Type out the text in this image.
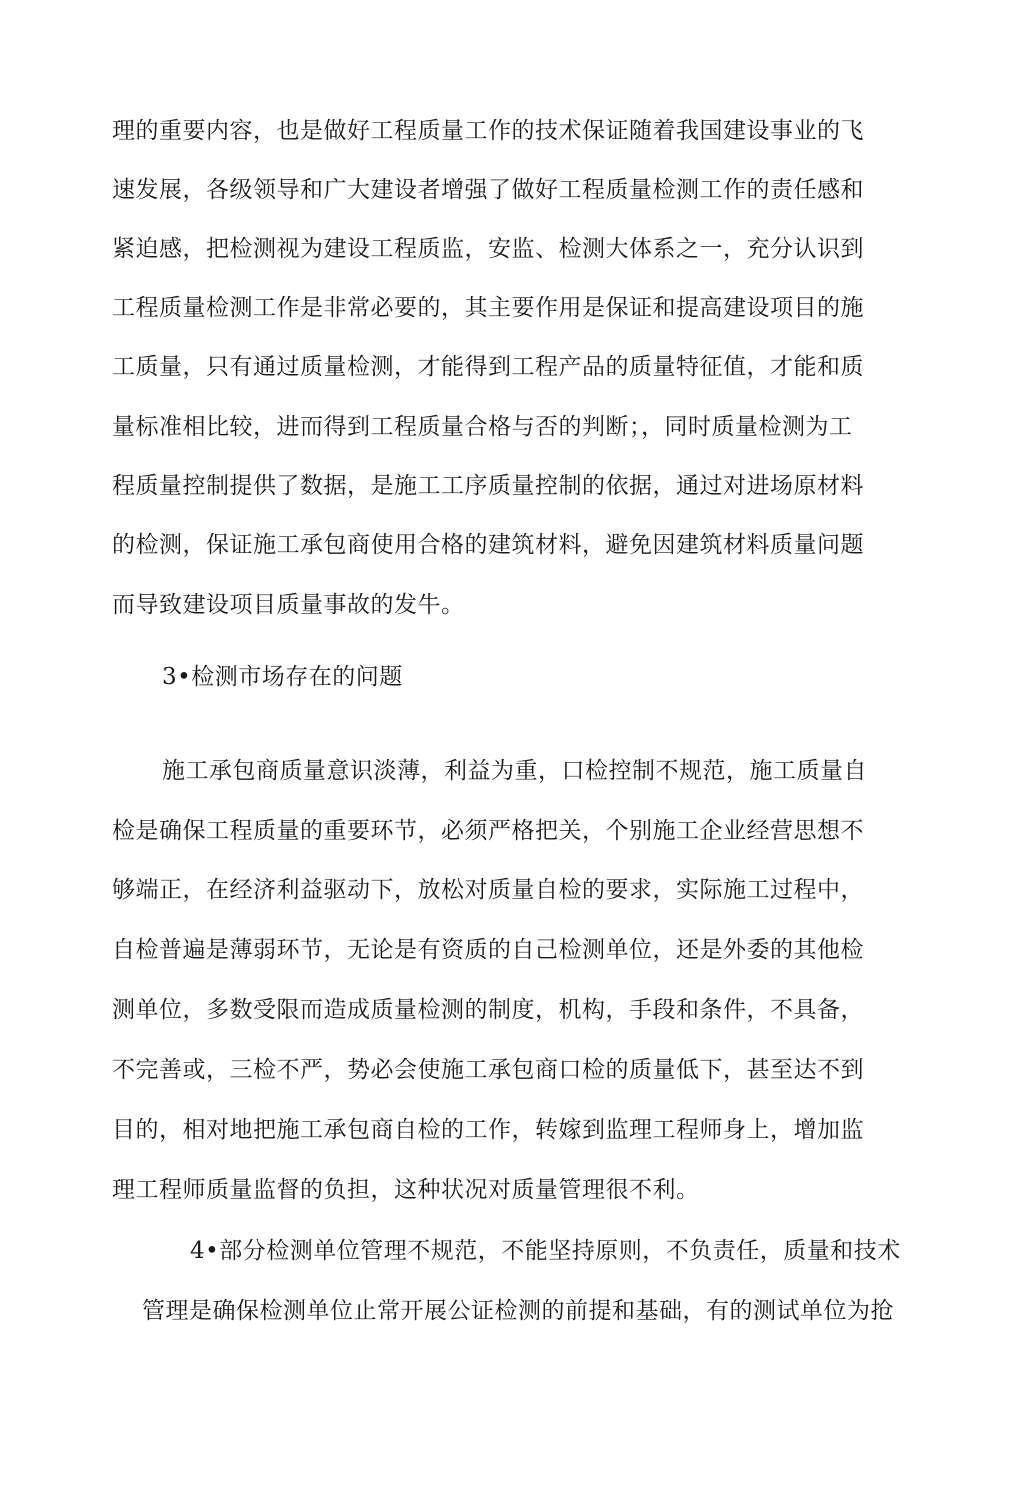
理的重要内容，也是做好工程质量工作的技术保证随着我国建设事业的飞
速发展，各级领导和广大建设者增强了做好工程质量检测工作的责任感和
紧迫感，把检测视为建设工程质监，安监、检测大体系之一，充分认识到
工程质量检测工作是非常必要的，其主要作用是保证和提高建设项目的施
工质量，只有通过质量检测，才能得到工程产品的质量特征值，才能和质
量标准相比较，进而得到工程质量合格与否的判断；，同时质量检测为工
程质量控制提供了数据，是施工工序质量控制的依据，通过对进场原材料
的检测，保证施工承包商使用合格的建筑材料，避免因建筑材料质量问题
而导致建设项目质量事故的发牛。
3•检测市场存在的问题
施工承包商质量意识淡薄，利益为重，口检控制不规范，施工质量自
检是确保工程质量的重要环节，必须严格把关，个别施工企业经营思想不
够端正，在经济利益驱动下，放松对质量自检的要求，实际施工过程中，
自检普遍是薄弱环节，无论是有资质的自己检测单位，还是外委的其他检
测单位，多数受限而造成质量检测的制度，机构，手段和条件，不具备，
不完善或，三检不严，势必会使施工承包商口检的质量低下，甚至达不到
目的，相对地把施工承包商自检的工作，转嫁到监理工程师身上，增加监
理工程师质量监督的负担，这种状况对质量管理很不利。
4•部分检测单位管理不规范，不能坚持原则，不负责任，质量和技术
管理是确保检测单位止常开展公证检测的前提和基础，有的测试单位为抢
